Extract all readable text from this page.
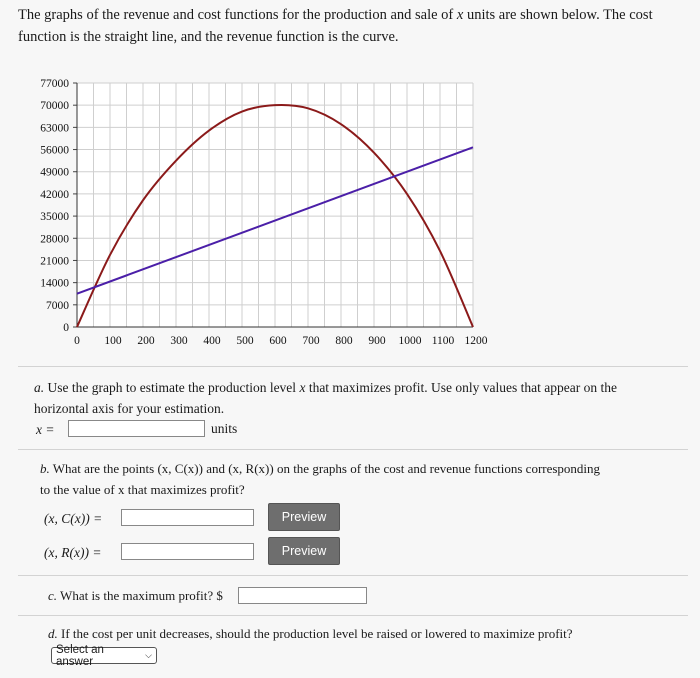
The graphs of the revenue and cost functions for the production and sale of x units are shown below. The cost
function is the straight line, and the revenue function is the curve.
0
7000
14000
21000
28000
35000
42000
49000
56000
63000
70000
77000
0 100 200 300 400 500 600 700 800 900 1000 1100 1200
a. Use the graph to estimate the production level x that maximizes profit. Use only values that appear on the
horizontal axis for your estimation.
x =	units
b. What are the points (x, C(x)) and (x, R(x)) on the graphs of the cost and revenue functions corresponding
to the value of x that maximizes profit?
(x, C(x)) =	Preview
(x, R(x)) =	Preview
c. What is the maximum profit? $
d. If the cost per unit decreases, should the production level be raised or lowered to maximize profit?
Select an answer
⌵
